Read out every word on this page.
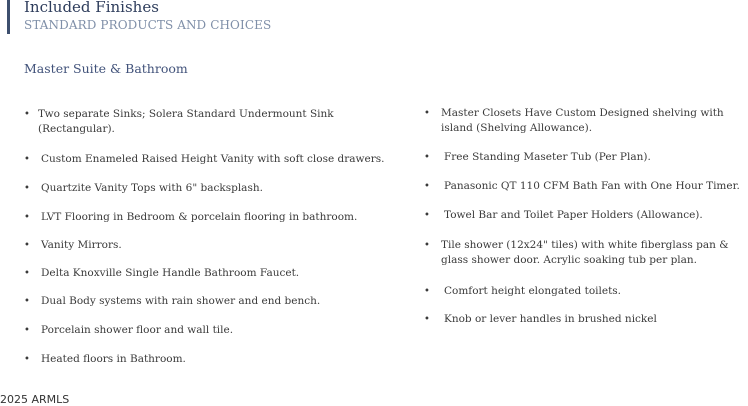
Included Finishes
STANDARD PRODUCTS AND CHOICES
Master Suite & Bathroom
• Two separate Sinks; Solera Standard Undermount Sink (Rectangular).
• Custom Enameled Raised Height Vanity with soft close drawers.
• Quartzite Vanity Tops with 6" backsplash.
• LVT Flooring in Bedroom & porcelain flooring in bathroom.
• Vanity Mirrors.
• Delta Knoxville Single Handle Bathroom Faucet.
• Dual Body systems with rain shower and end bench.
• Porcelain shower floor and wall tile.
• Heated floors in Bathroom.
• Master Closets Have Custom Designed shelving with island (Shelving Allowance).
• Free Standing Maseter Tub (Per Plan).
• Panasonic QT 110 CFM Bath Fan with One Hour Timer.
• Towel Bar and Toilet Paper Holders (Allowance).
• Tile shower (12x24" tiles) with white fiberglass pan & glass shower door. Acrylic soaking tub per plan.
• Comfort height elongated toilets.
• Knob or lever handles in brushed nickel
2025 ARMLS
